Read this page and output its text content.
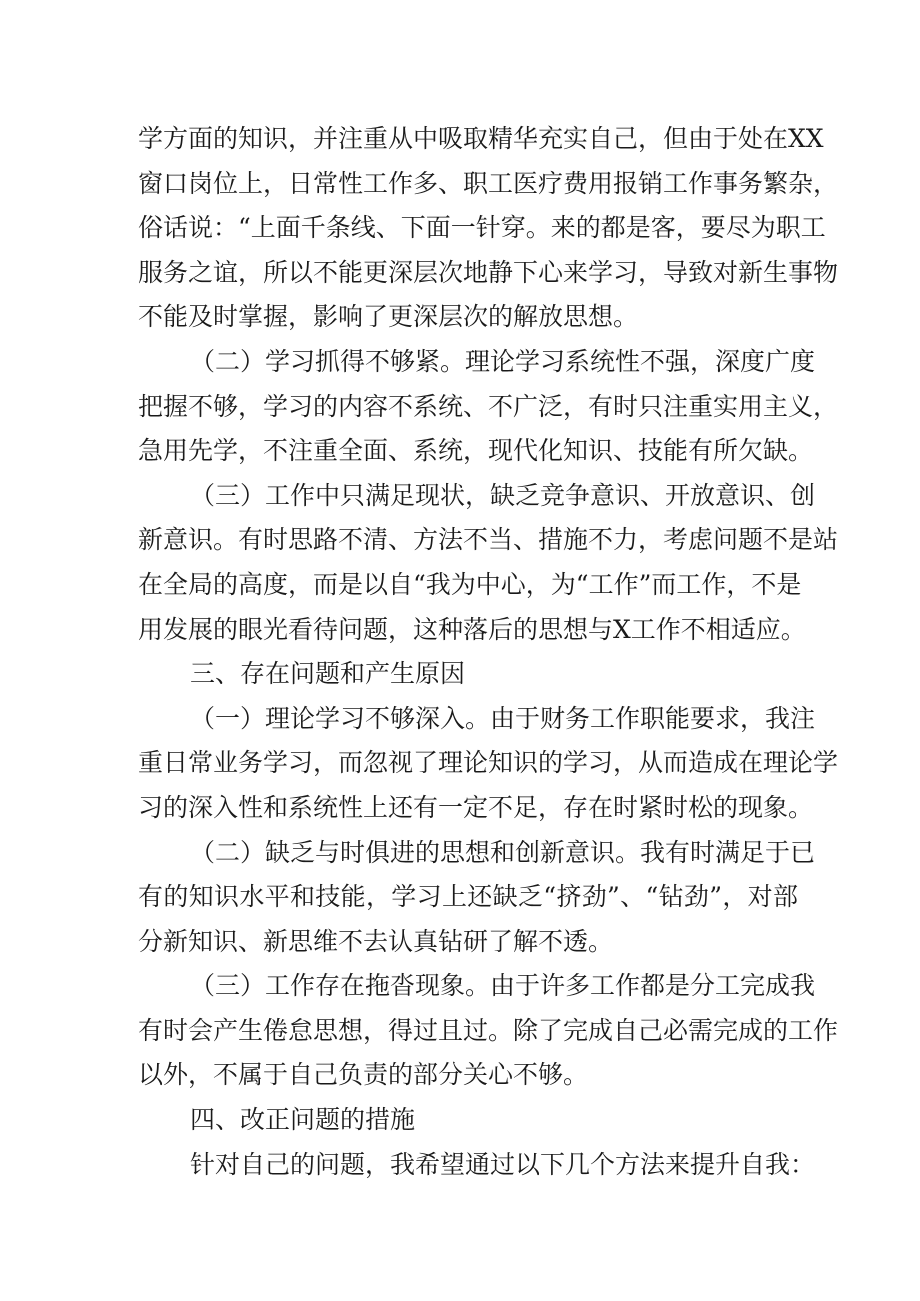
学方面的知识，并注重从中吸取精华充实自己，但由于处在XX
窗口岗位上，日常性工作多、职工医疗费用报销工作事务繁杂，
俗话说：“上面千条线、下面一针穿。来的都是客，要尽为职工
服务之谊，所以不能更深层次地静下心来学习，导致对新生事物
不能及时掌握，影响了更深层次的解放思想。
（二）学习抓得不够紧。理论学习系统性不强，深度广度
把握不够，学习的内容不系统、不广泛，有时只注重实用主义，
急用先学，不注重全面、系统，现代化知识、技能有所欠缺。
（三）工作中只满足现状，缺乏竞争意识、开放意识、创
新意识。有时思路不清、方法不当、措施不力，考虑问题不是站
在全局的高度，而是以自“我为中心，为“工作”而工作，不是
用发展的眼光看待问题，这种落后的思想与X工作不相适应。
三、存在问题和产生原因
（一）理论学习不够深入。由于财务工作职能要求，我注
重日常业务学习，而忽视了理论知识的学习，从而造成在理论学
习的深入性和系统性上还有一定不足，存在时紧时松的现象。
（二）缺乏与时俱进的思想和创新意识。我有时满足于已
有的知识水平和技能，学习上还缺乏“挤劲”、“钻劲”，对部
分新知识、新思维不去认真钻研了解不透。
（三）工作存在拖沓现象。由于许多工作都是分工完成我
有时会产生倦怠思想，得过且过。除了完成自己必需完成的工作
以外，不属于自己负责的部分关心不够。
四、改正问题的措施
针对自己的问题，我希望通过以下几个方法来提升自我：
